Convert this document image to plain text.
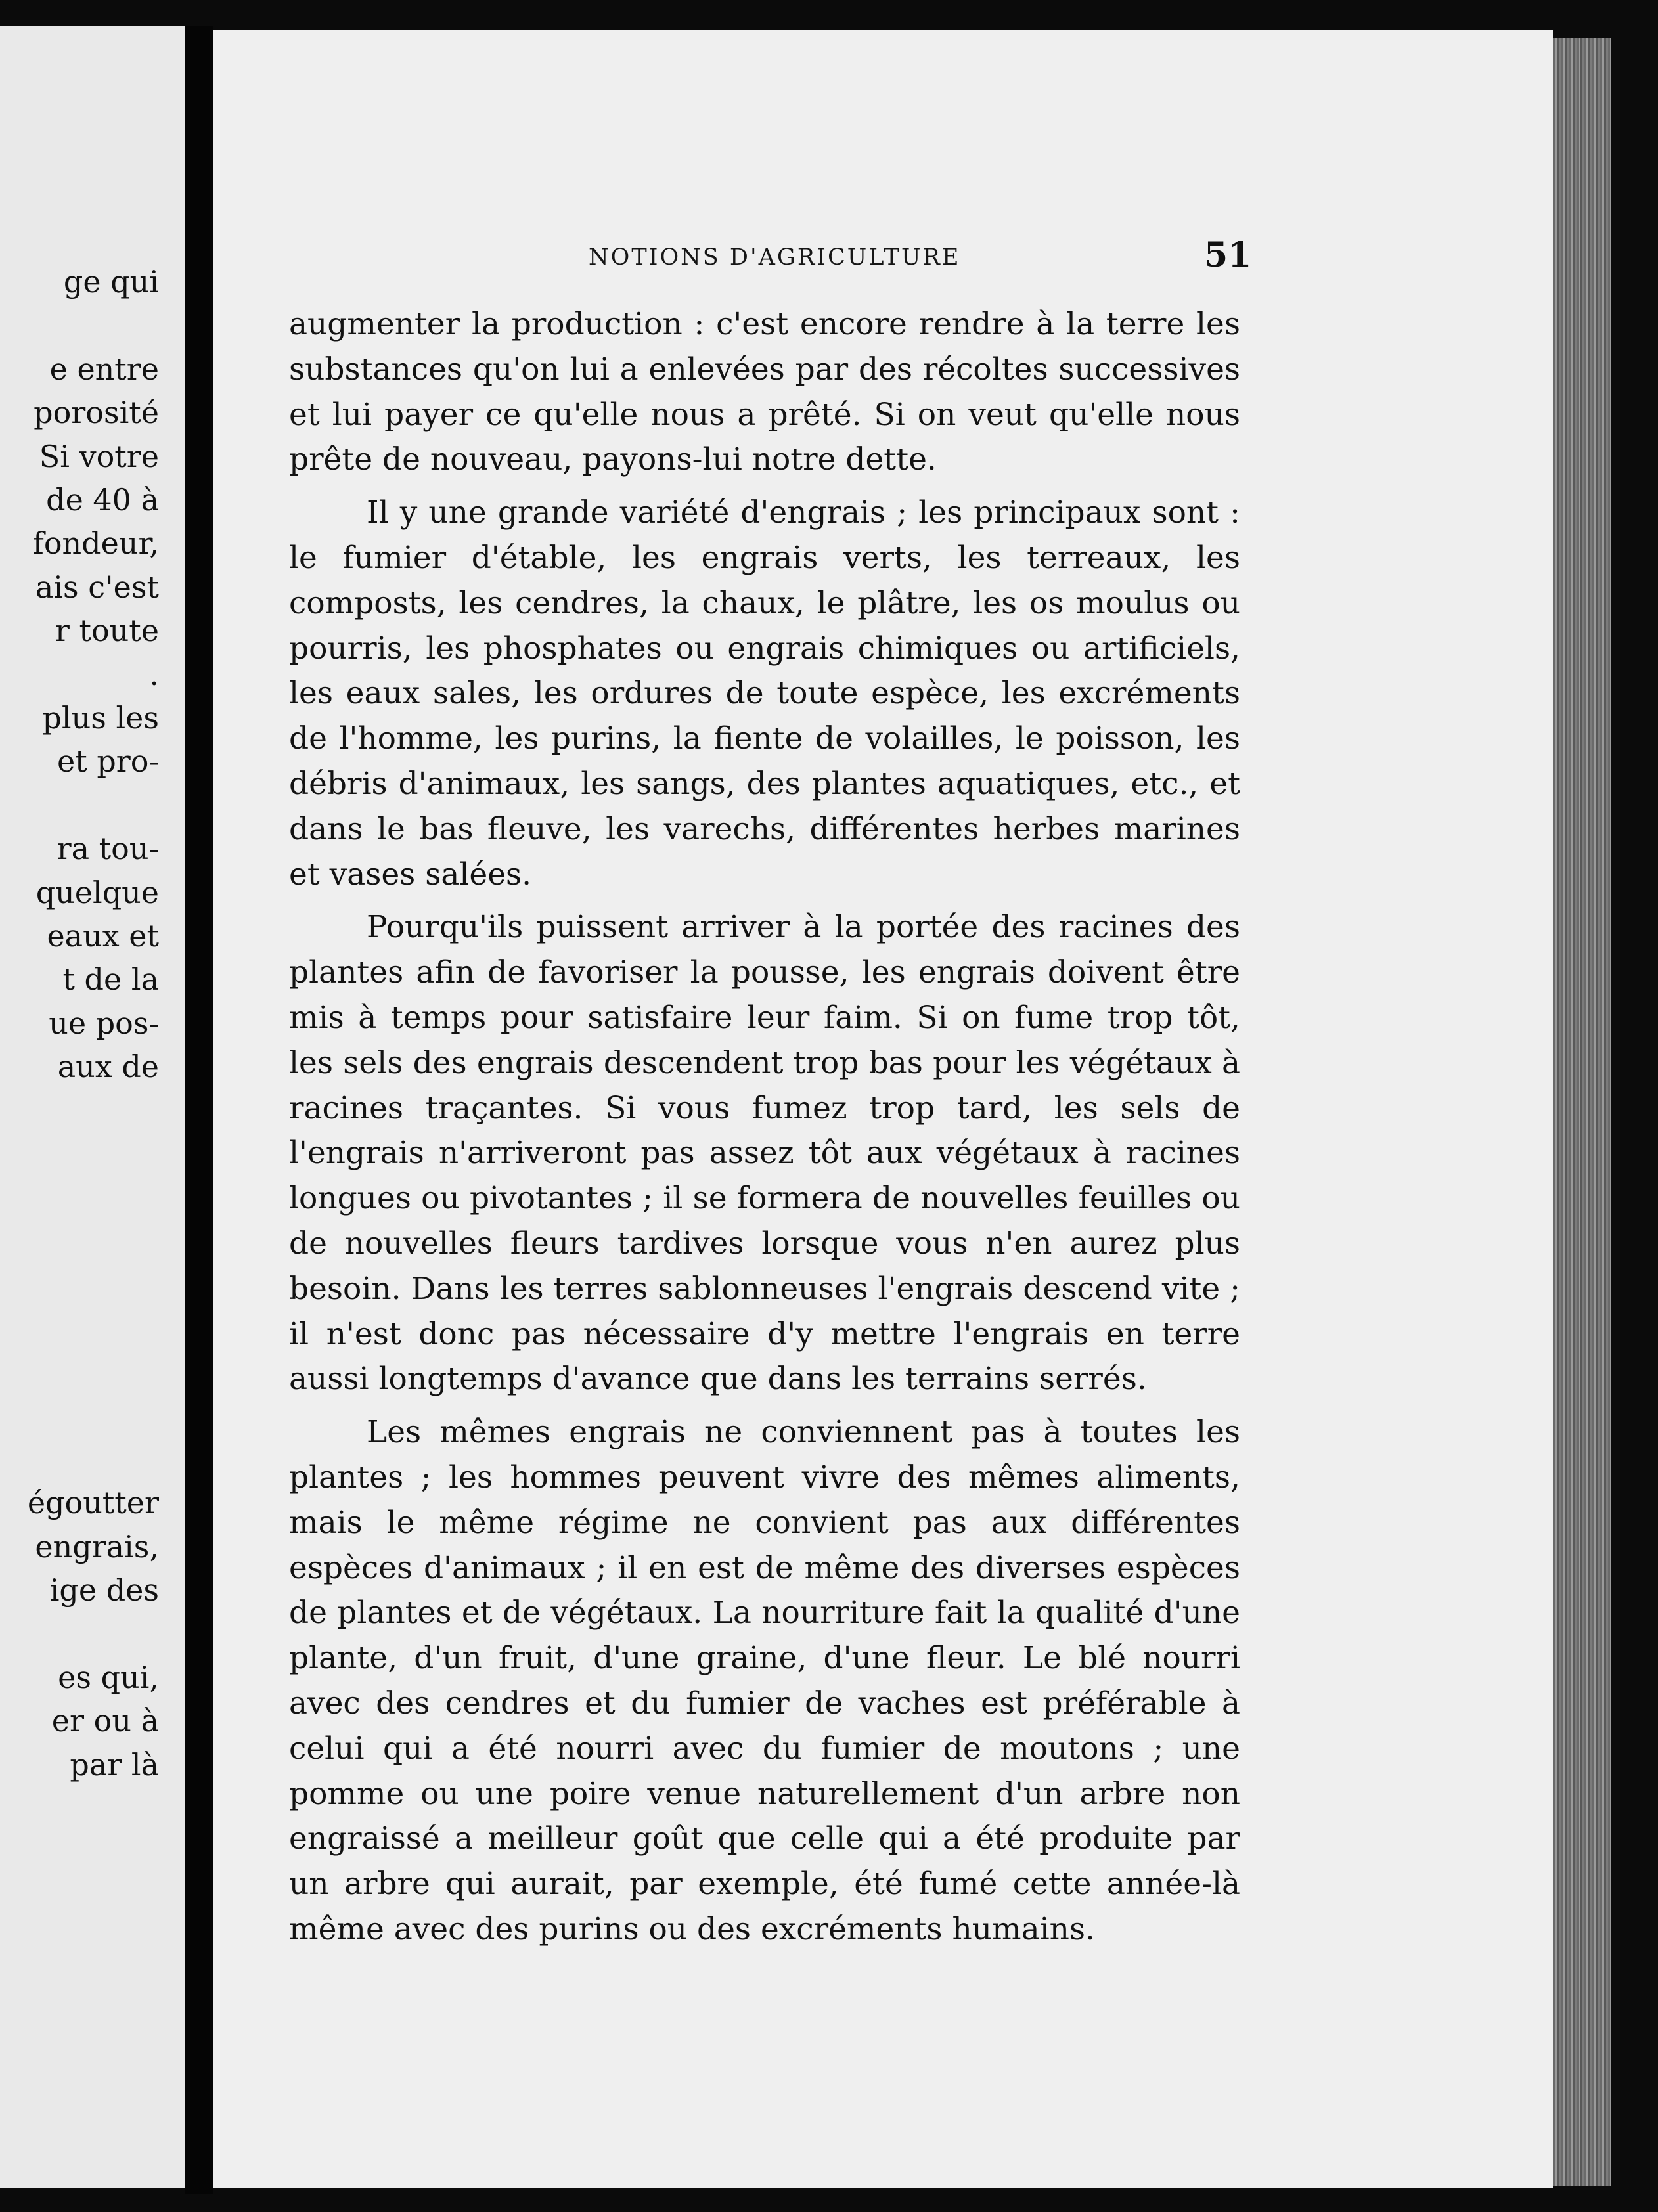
ge qui
e entre
porosité
Si votre
de 40 à
fondeur,
ais c'est
r toute
.
plus les
et pro-
ra tou-
quelque
eaux et
t de la
ue pos-
aux de
égoutter
engrais,
ige des
es qui,
er ou à
par là
NOTIONS D'AGRICULTURE	51

augmenter la production : c'est encore rendre à la terre les substances qu'on lui a enlevées par des récoltes successives et lui payer ce qu'elle nous a prêté. Si on veut qu'elle nous prête de nouveau, payons-lui notre dette.

Il y une grande variété d'engrais ; les principaux sont : le fumier d'étable, les engrais verts, les terreaux, les composts, les cendres, la chaux, le plâtre, les os moulus ou pourris, les phosphates ou engrais chimiques ou artificiels, les eaux sales, les ordures de toute espèce, les excréments de l'homme, les purins, la fiente de volailles, le poisson, les débris d'animaux, les sangs, des plantes aquatiques, etc., et dans le bas fleuve, les varechs, différentes herbes marines et vases salées.

Pourqu'ils puissent arriver à la portée des racines des plantes afin de favoriser la pousse, les engrais doivent être mis à temps pour satisfaire leur faim. Si on fume trop tôt, les sels des engrais descendent trop bas pour les végétaux à racines traçantes. Si vous fumez trop tard, les sels de l'engrais n'arriveront pas assez tôt aux végétaux à racines longues ou pivotantes ; il se formera de nouvelles feuilles ou de nouvelles fleurs tardives lorsque vous n'en aurez plus besoin. Dans les terres sablonneuses l'engrais descend vite ; il n'est donc pas nécessaire d'y mettre l'engrais en terre aussi longtemps d'avance que dans les terrains serrés.

Les mêmes engrais ne conviennent pas à toutes les plantes ; les hommes peuvent vivre des mêmes aliments, mais le même régime ne convient pas aux différentes espèces d'animaux ; il en est de même des diverses espèces de plantes et de végétaux. La nourriture fait la qualité d'une plante, d'un fruit, d'une graine, d'une fleur. Le blé nourri avec des cendres et du fumier de vaches est préférable à celui qui a été nourri avec du fumier de moutons ; une pomme ou une poire venue naturellement d'un arbre non engraissé a meilleur goût que celle qui a été produite par un arbre qui aurait, par exemple, été fumé cette année-là même avec des purins ou des excréments humains.
